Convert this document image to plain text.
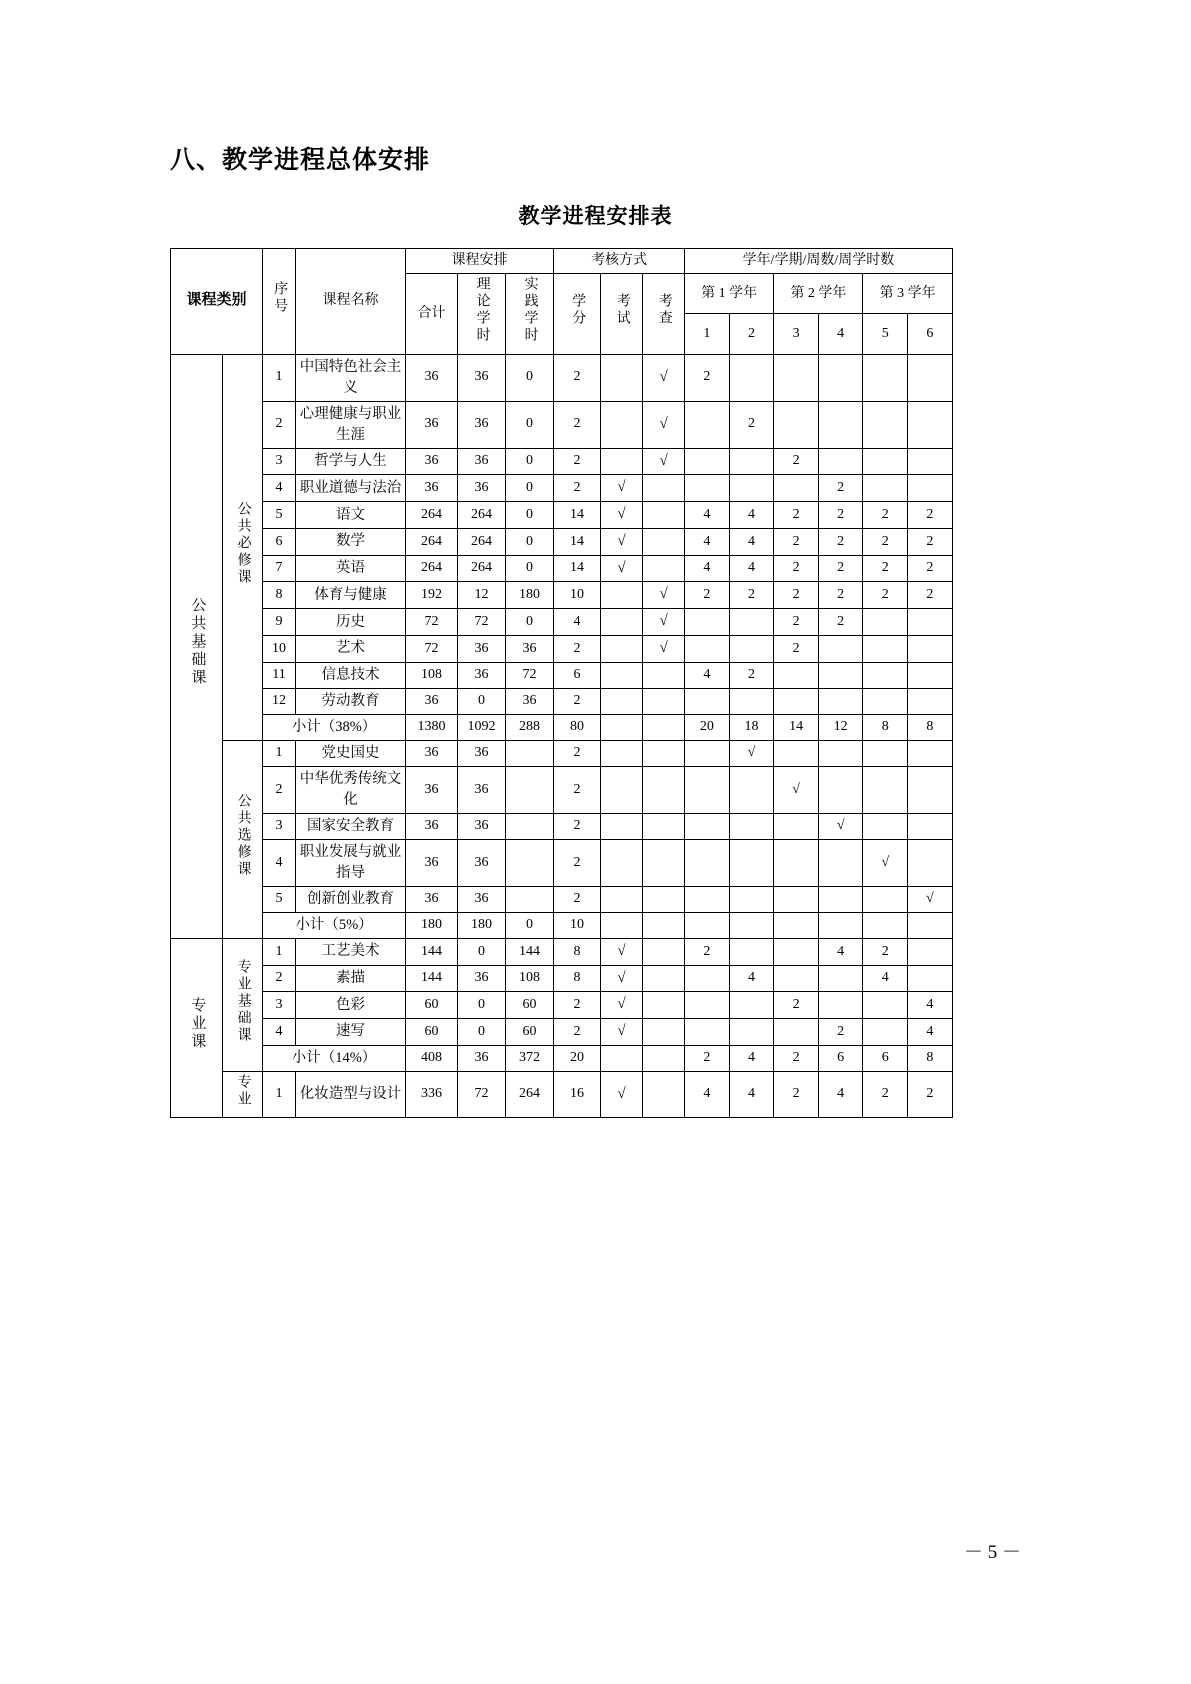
八、教学进程总体安排
教学进程安排表
课程类别		序号	课程名称	课程安排			考核方式			学年/学期/周数/周学时数					
				合计	理论学时	实践学时	学分	考试	考查	第 1 学年		第 2 学年		第 3 学年	
										1	2	3	4	5	6
公共基础课	公共必修课	1	中国特色社会主义	36	36	0	2		√	2					
		2	心理健康与职业生涯	36	36	0	2		√		2				
		3	哲学与人生	36	36	0	2		√			2			
		4	职业道德与法治	36	36	0	2	√					2		
		5	语文	264	264	0	14	√		4	4	2	2	2	2
		6	数学	264	264	0	14	√		4	4	2	2	2	2
		7	英语	264	264	0	14	√		4	4	2	2	2	2
		8	体育与健康	192	12	180	10		√	2	2	2	2	2	2
		9	历史	72	72	0	4		√			2	2		
		10	艺术	72	36	36	2		√			2			
		11	信息技术	108	36	72	6			4	2				
		12	劳动教育	36	0	36	2								
		小计（38%）		1380	1092	288	80			20	18	14	12	8	8
	公共选修课	1	党史国史	36	36		2				√				
		2	中华优秀传统文化	36	36		2					√			
		3	国家安全教育	36	36		2						√		
		4	职业发展与就业指导	36	36		2							√	
		5	创新创业教育	36	36		2								√
		小计（5%）		180	180	0	10								
专业课	专业基础课	1	工艺美术	144	0	144	8	√		2			4	2	
		2	素描	144	36	108	8	√			4			4	
		3	色彩	60	0	60	2	√				2			4
		4	速写	60	0	60	2	√					2		4
		小计（14%）		408	36	372	20			2	4	2	6	6	8
	专业	1	化妆造型与设计	336	72	264	16	√		4	4	2	4	2	2
－ 5 －
